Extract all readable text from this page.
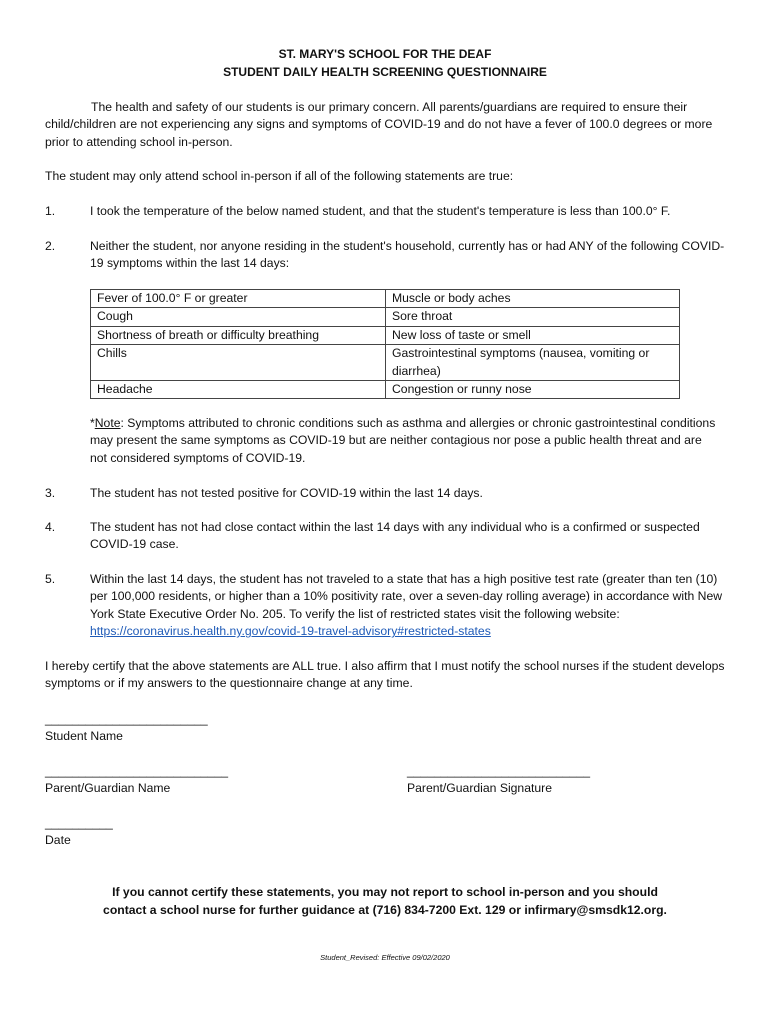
ST. MARY'S SCHOOL FOR THE DEAF
STUDENT DAILY HEALTH SCREENING QUESTIONNAIRE
The health and safety of our students is our primary concern. All parents/guardians are required to ensure their child/children are not experiencing any signs and symptoms of COVID-19 and do not have a fever of 100.0 degrees or more prior to attending school in-person.
The student may only attend school in-person if all of the following statements are true:
1.	I took the temperature of the below named student, and that the student's temperature is less than 100.0° F.
2.	Neither the student, nor anyone residing in the student's household, currently has or had ANY of the following COVID-19 symptoms within the last 14 days:
Fever of 100.0° F or greater	Muscle or body aches
Cough	Sore throat
Shortness of breath or difficulty breathing	New loss of taste or smell
Chills	Gastrointestinal symptoms (nausea, vomiting or diarrhea)
Headache	Congestion or runny nose
*Note: Symptoms attributed to chronic conditions such as asthma and allergies or chronic gastrointestinal conditions may present the same symptoms as COVID-19 but are neither contagious nor pose a public health threat and are not considered symptoms of COVID-19.
3.	The student has not tested positive for COVID-19 within the last 14 days.
4.	The student has not had close contact within the last 14 days with any individual who is a confirmed or suspected COVID-19 case.
5.	Within the last 14 days, the student has not traveled to a state that has a high positive test rate (greater than ten (10) per 100,000 residents, or higher than a 10% positivity rate, over a seven-day rolling average) in accordance with New York State Executive Order No. 205. To verify the list of restricted states visit the following website: https://coronavirus.health.ny.gov/covid-19-travel-advisory#restricted-states
I hereby certify that the above statements are ALL true. I also affirm that I must notify the school nurses if the student develops symptoms or if my answers to the questionnaire change at any time.
________________________
Student Name
___________________________
Parent/Guardian Name
___________________________
Parent/Guardian Signature
__________
Date
If you cannot certify these statements, you may not report to school in-person and you should
contact a school nurse for further guidance at (716) 834-7200 Ext. 129 or infirmary@smsdk12.org.
Student_Revised: Effective 09/02/2020
